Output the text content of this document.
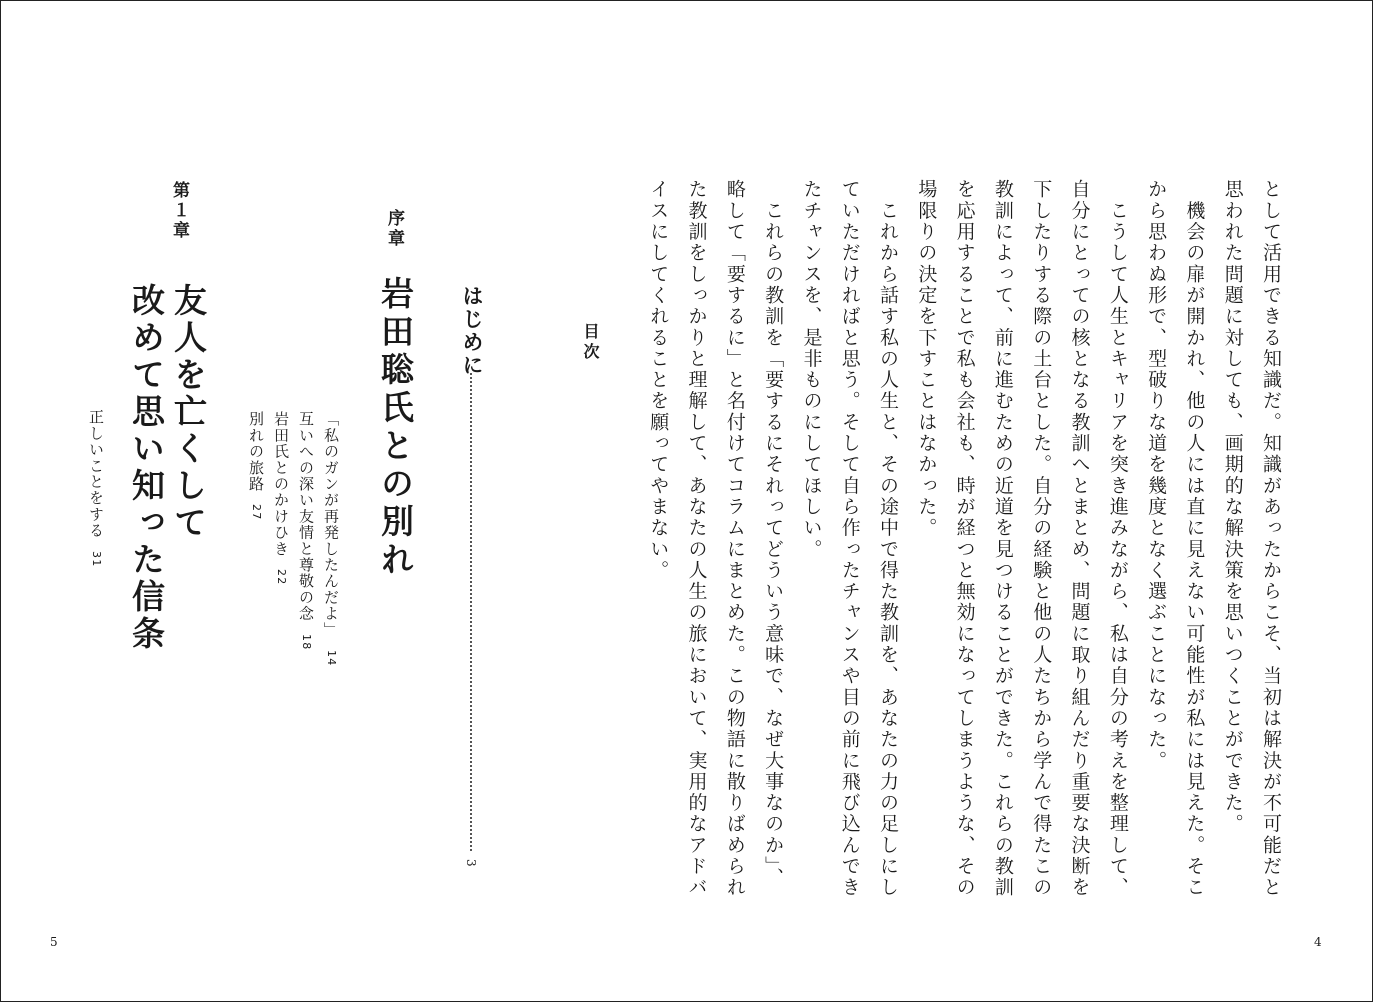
として活用できる知識だ。知識があったからこそ、当初は解決が不可能だと思われた問題に対しても、画期的な解決策を思いつくことができた。

　機会の扉が開かれ、他の人には直に見えない可能性が私には見えた。そこから思わぬ形で、型破りな道を幾度となく選ぶことになった。

　こうして人生とキャリアを突き進みながら、私は自分の考えを整理して、自分にとっての核となる教訓へとまとめ、問題に取り組んだり重要な決断を下したりする際の土台とした。自分の経験と他の人たちから学んで得たこの教訓によって、前に進むための近道を見つけることができた。これらの教訓を応用することで私も会社も、時が経つと無効になってしまうような、その場限りの決定を下すことはなかった。

　これから話す私の人生と、その途中で得た教訓を、あなたの力の足しにしていただければと思う。そして自ら作ったチャンスや目の前に飛び込んできたチャンスを、是非ものにしてほしい。

　これらの教訓を「要するにそれってどういう意味で、なぜ大事なのか」、略して「要するに」と名付けてコラムにまとめた。この物語に散りばめられた教訓をしっかりと理解して、あなたの人生の旅において、実用的なアドバイスにしてくれることを願ってやまない。

4
目次
はじめに
3
序章
岩田聡氏との別れ
「私のガンが再発したんだよ」 14
互いへの深い友情と尊敬の念 18
岩田氏とのかけひき 22
別れの旅路 27
第１章
友人を亡くして
改めて思い知った信条
正しいことをする 31
5
